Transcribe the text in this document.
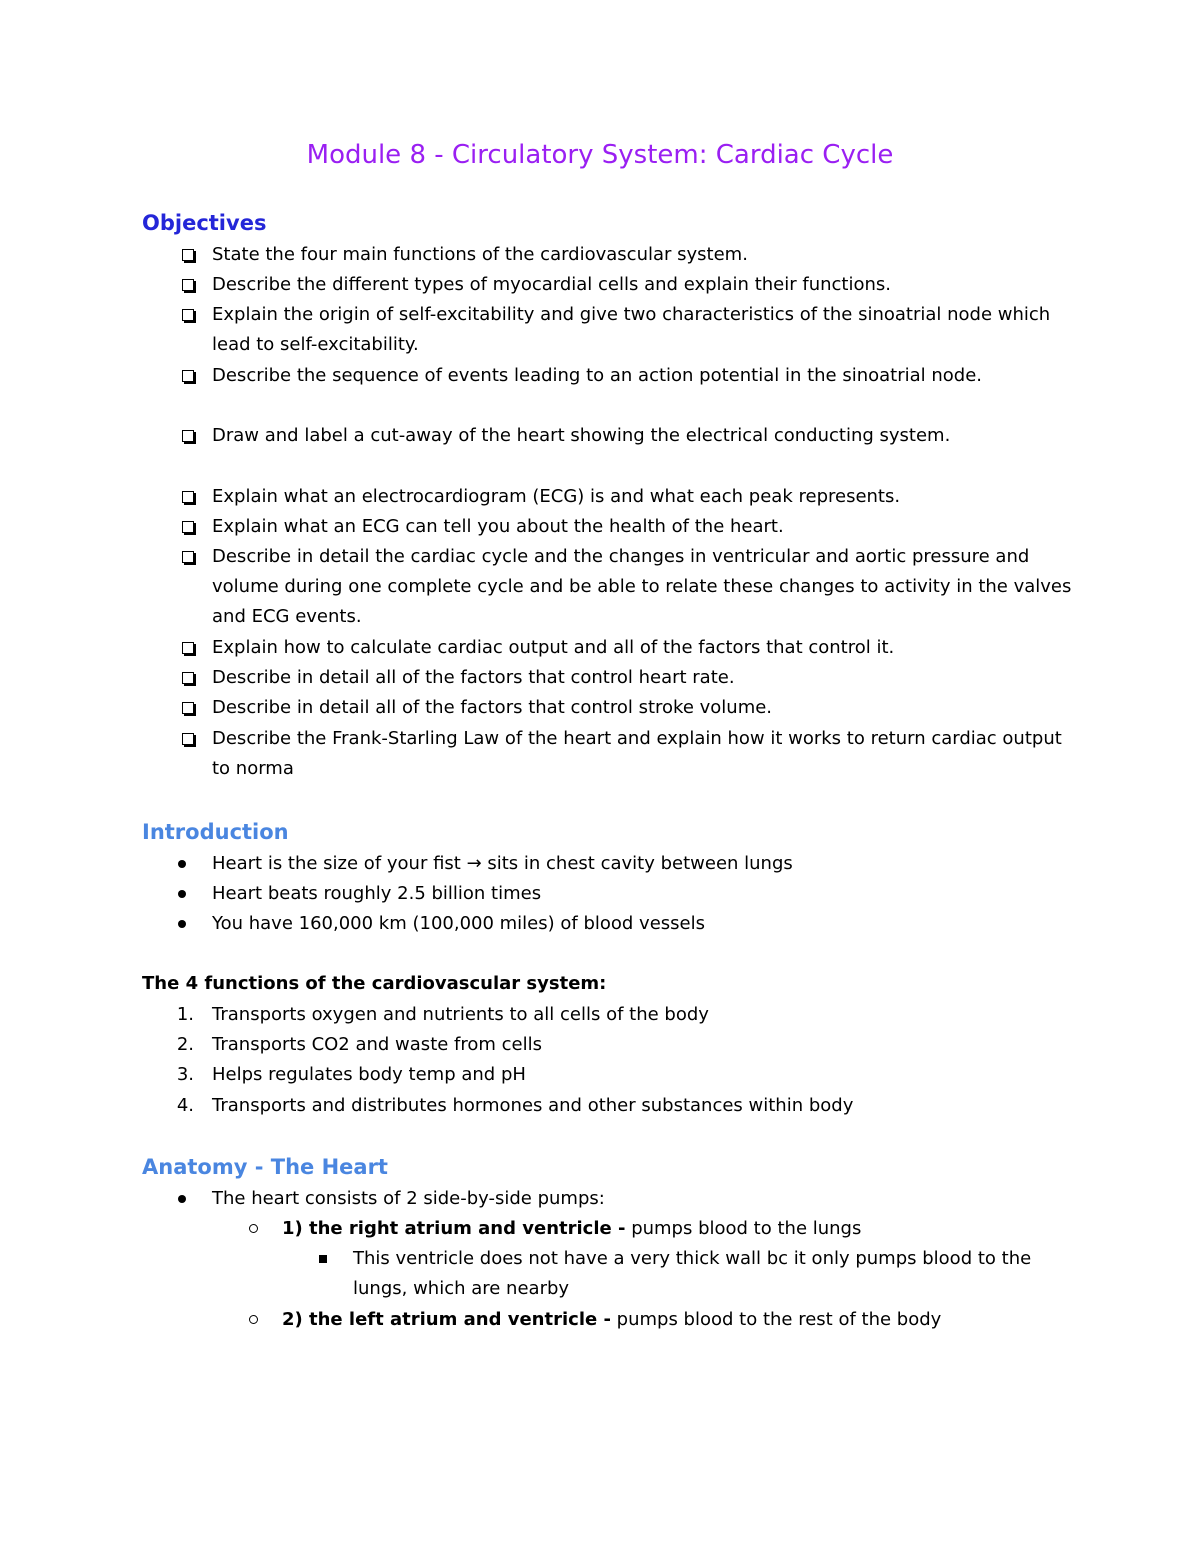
Module 8 - Circulatory System: Cardiac Cycle
Objectives
State the four main functions of the cardiovascular system.
Describe the different types of myocardial cells and explain their functions.
Explain the origin of self-excitability and give two characteristics of the sinoatrial node which lead to self-excitability.
Describe the sequence of events leading to an action potential in the sinoatrial node.
Draw and label a cut-away of the heart showing the electrical conducting system.
Explain what an electrocardiogram (ECG) is and what each peak represents.
Explain what an ECG can tell you about the health of the heart.
Describe in detail the cardiac cycle and the changes in ventricular and aortic pressure and volume during one complete cycle and be able to relate these changes to activity in the valves and ECG events.
Explain how to calculate cardiac output and all of the factors that control it.
Describe in detail all of the factors that control heart rate.
Describe in detail all of the factors that control stroke volume.
Describe the Frank-Starling Law of the heart and explain how it works to return cardiac output to norma
Introduction
Heart is the size of your fist → sits in chest cavity between lungs
Heart beats roughly 2.5 billion times
You have 160,000 km (100,000 miles) of blood vessels
The 4 functions of the cardiovascular system:
1. Transports oxygen and nutrients to all cells of the body
2. Transports CO2 and waste from cells
3. Helps regulates body temp and pH
4. Transports and distributes hormones and other substances within body
Anatomy - The Heart
The heart consists of 2 side-by-side pumps:
1) the right atrium and ventricle - pumps blood to the lungs
This ventricle does not have a very thick wall bc it only pumps blood to the lungs, which are nearby
2) the left atrium and ventricle - pumps blood to the rest of the body
